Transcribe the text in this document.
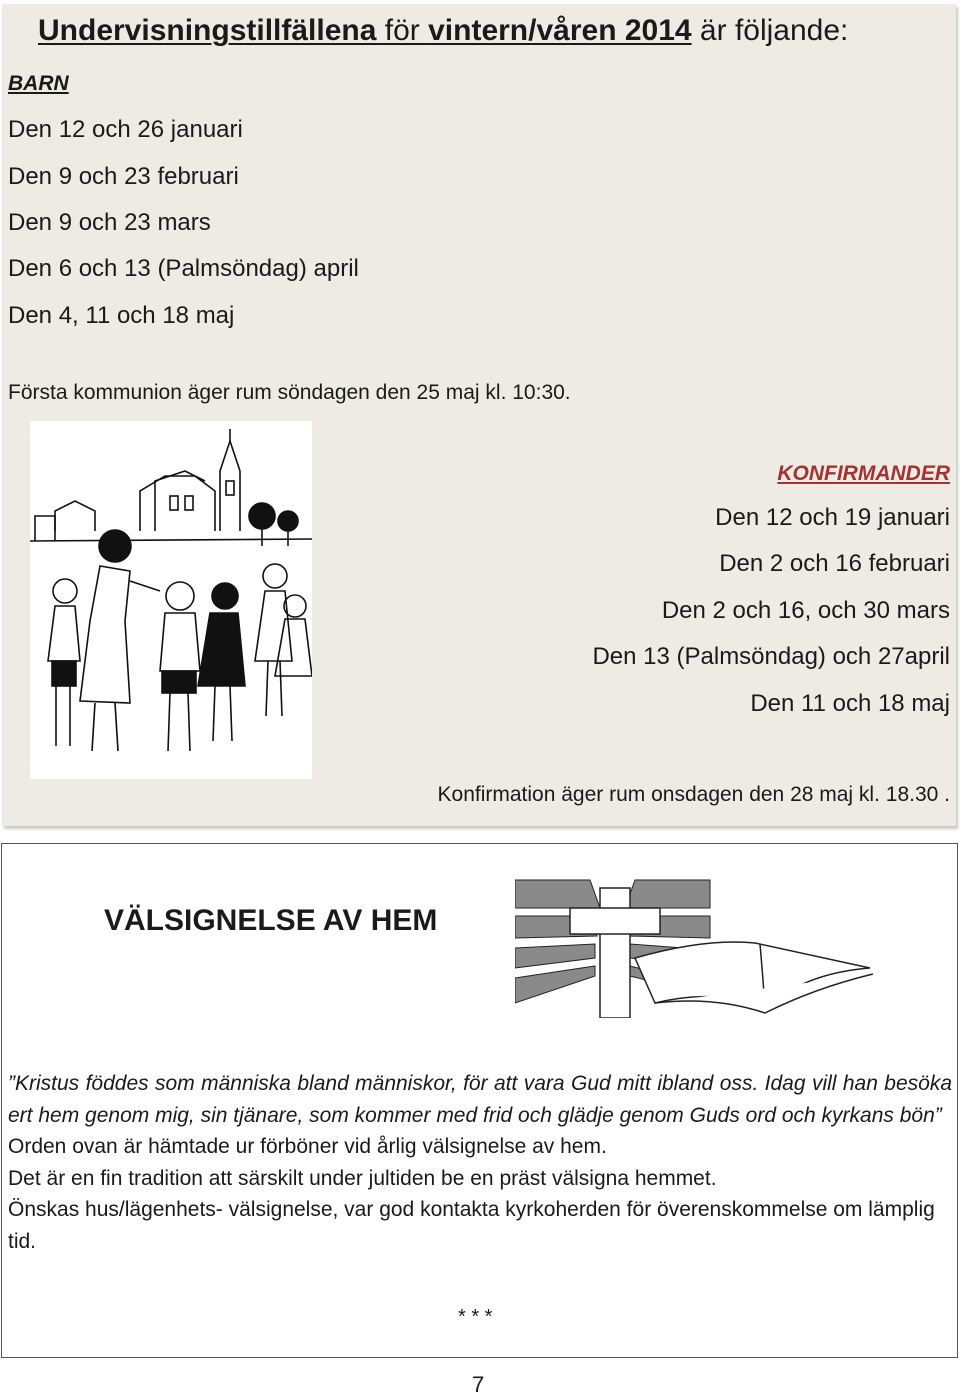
Undervisningstillfällena för vintern/våren 2014 är följande:
BARN
Den 12 och 26 januari
Den 9 och 23 februari
Den 9 och 23 mars
Den 6 och 13 (Palmsöndag) april
Den 4, 11 och 18 maj
Första kommunion äger rum söndagen den 25 maj kl. 10:30.
KONFIRMANDER
Den 12 och 19 januari
Den 2 och 16 februari
Den 2 och 16, och 30 mars
Den 13 (Palmsöndag) och 27april
Den 11 och 18 maj
Konfirmation äger rum onsdagen den 28 maj kl. 18.30 .
VÄLSIGNELSE AV HEM

”Kristus föddes som människa bland människor, för att vara Gud mitt ibland oss. Idag vill han besöka ert hem genom mig, sin tjänare, som kommer med frid och glädje genom Guds ord och kyrkans bön”

Orden ovan är hämtade ur förböner vid årlig välsignelse av hem.

Det är en fin tradition att särskilt under jultiden be en präst välsigna hemmet.

Önskas hus/lägenhets- välsignelse, var god kontakta kyrkoherden för överenskommelse om lämplig tid.

* * *
7
